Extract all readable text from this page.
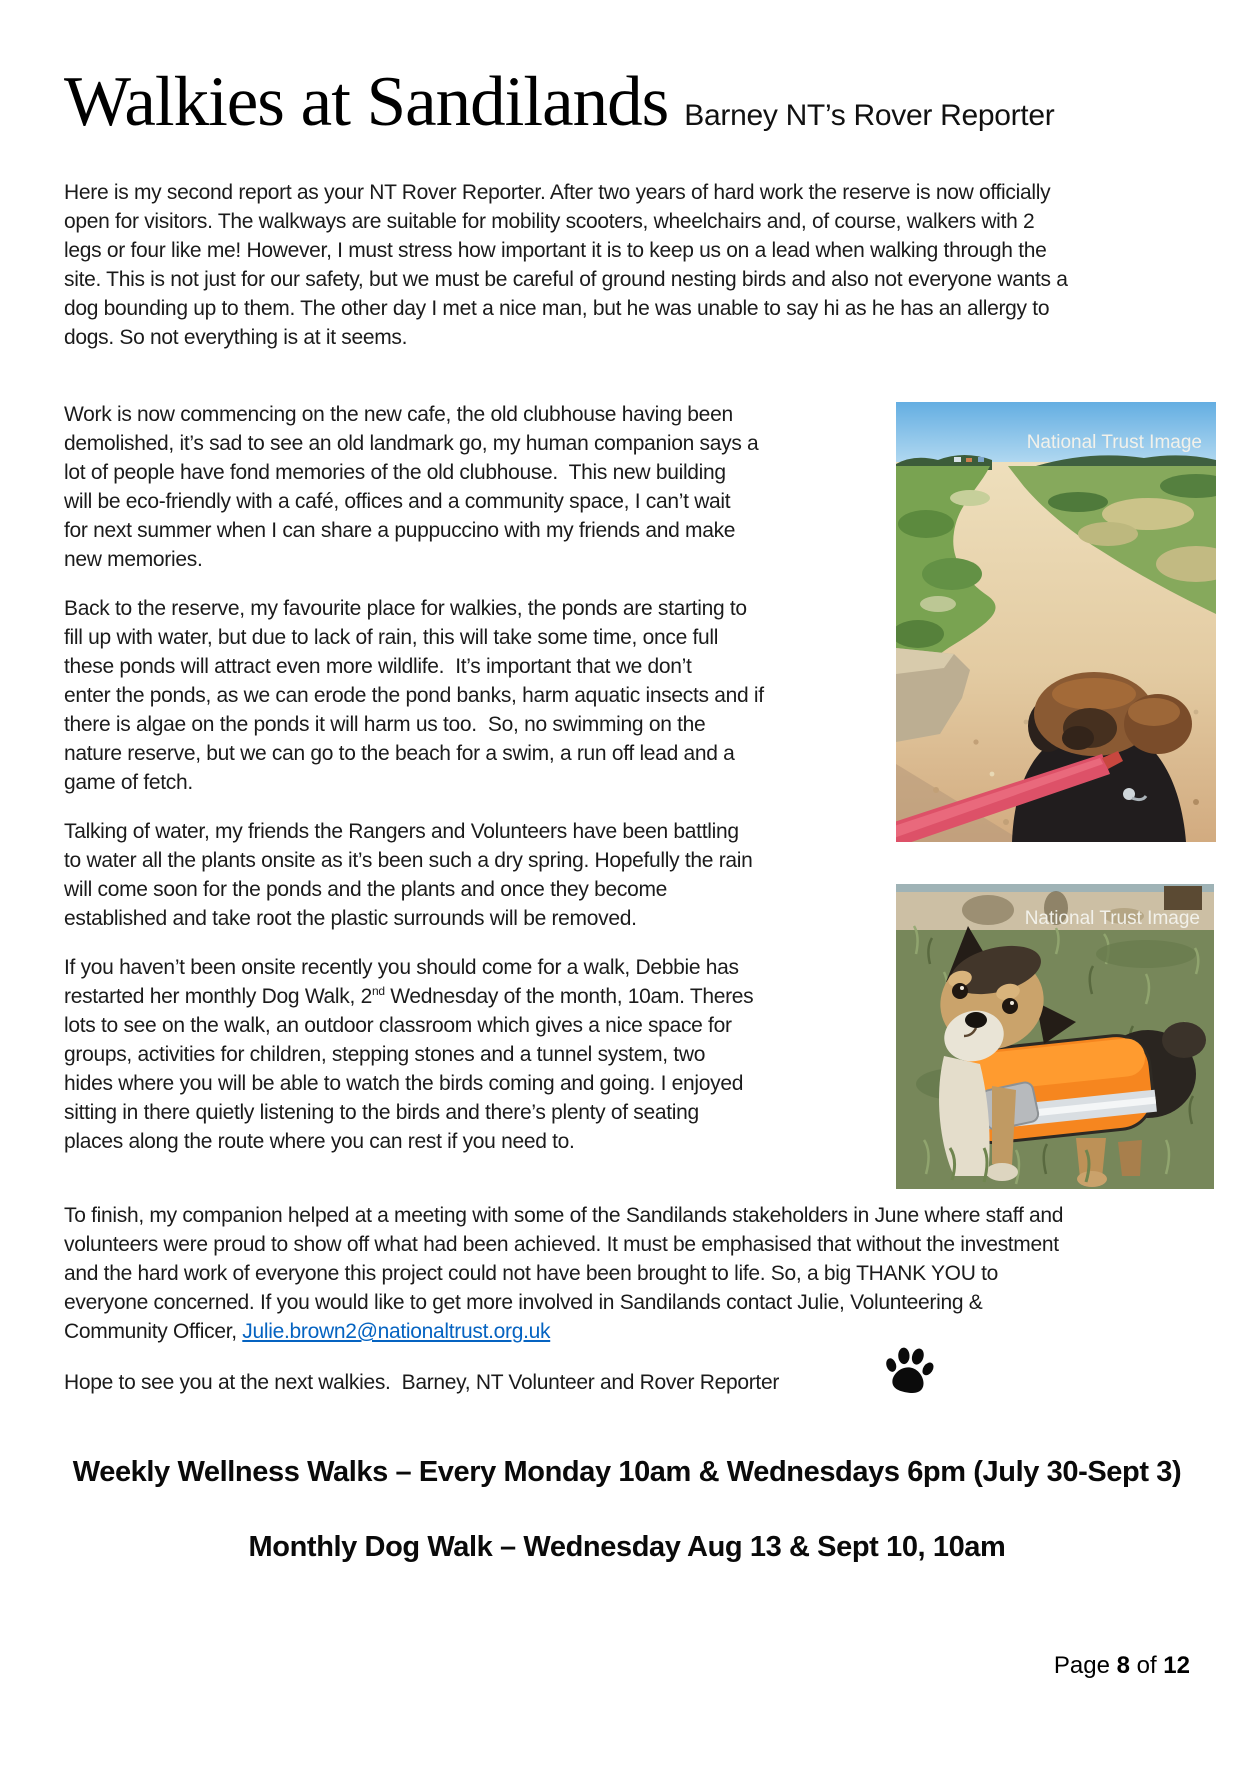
Walkies at Sandilands Barney NT’s Rover Reporter
National Trust Image
National Trust Image
Here is my second report as your NT Rover Reporter. After two years of hard work the reserve is now officially
open for visitors. The walkways are suitable for mobility scooters, wheelchairs and, of course, walkers with 2
legs or four like me! However, I must stress how important it is to keep us on a lead when walking through the
site. This is not just for our safety, but we must be careful of ground nesting birds and also not everyone wants a
dog bounding up to them. The other day I met a nice man, but he was unable to say hi as he has an allergy to
dogs. So not everything is at it seems.
Work is now commencing on the new cafe, the old clubhouse having been
demolished, it’s sad to see an old landmark go, my human companion says a
lot of people have fond memories of the old clubhouse.  This new building
will be eco-friendly with a café, offices and a community space, I can’t wait
for next summer when I can share a puppuccino with my friends and make
new memories.
Back to the reserve, my favourite place for walkies, the ponds are starting to
fill up with water, but due to lack of rain, this will take some time, once full
these ponds will attract even more wildlife.  It’s important that we don’t
enter the ponds, as we can erode the pond banks, harm aquatic insects and if
there is algae on the ponds it will harm us too.  So, no swimming on the
nature reserve, but we can go to the beach for a swim, a run off lead and a
game of fetch.
Talking of water, my friends the Rangers and Volunteers have been battling
to water all the plants onsite as it’s been such a dry spring. Hopefully the rain
will come soon for the ponds and the plants and once they become
established and take root the plastic surrounds will be removed.
If you haven’t been onsite recently you should come for a walk, Debbie has
restarted her monthly Dog Walk, 2nd Wednesday of the month, 10am. Theres
lots to see on the walk, an outdoor classroom which gives a nice space for
groups, activities for children, stepping stones and a tunnel system, two
hides where you will be able to watch the birds coming and going. I enjoyed
sitting in there quietly listening to the birds and there’s plenty of seating
places along the route where you can rest if you need to.
To finish, my companion helped at a meeting with some of the Sandilands stakeholders in June where staff and
volunteers were proud to show off what had been achieved. It must be emphasised that without the investment
and the hard work of everyone this project could not have been brought to life. So, a big THANK YOU to
everyone concerned. If you would like to get more involved in Sandilands contact Julie, Volunteering &
Community Officer, Julie.brown2@nationaltrust.org.uk
Hope to see you at the next walkies.  Barney, NT Volunteer and Rover Reporter
Weekly Wellness Walks – Every Monday 10am & Wednesdays 6pm (July 30-Sept 3)
Monthly Dog Walk – Wednesday Aug 13 & Sept 10, 10am
Page 8 of 12
